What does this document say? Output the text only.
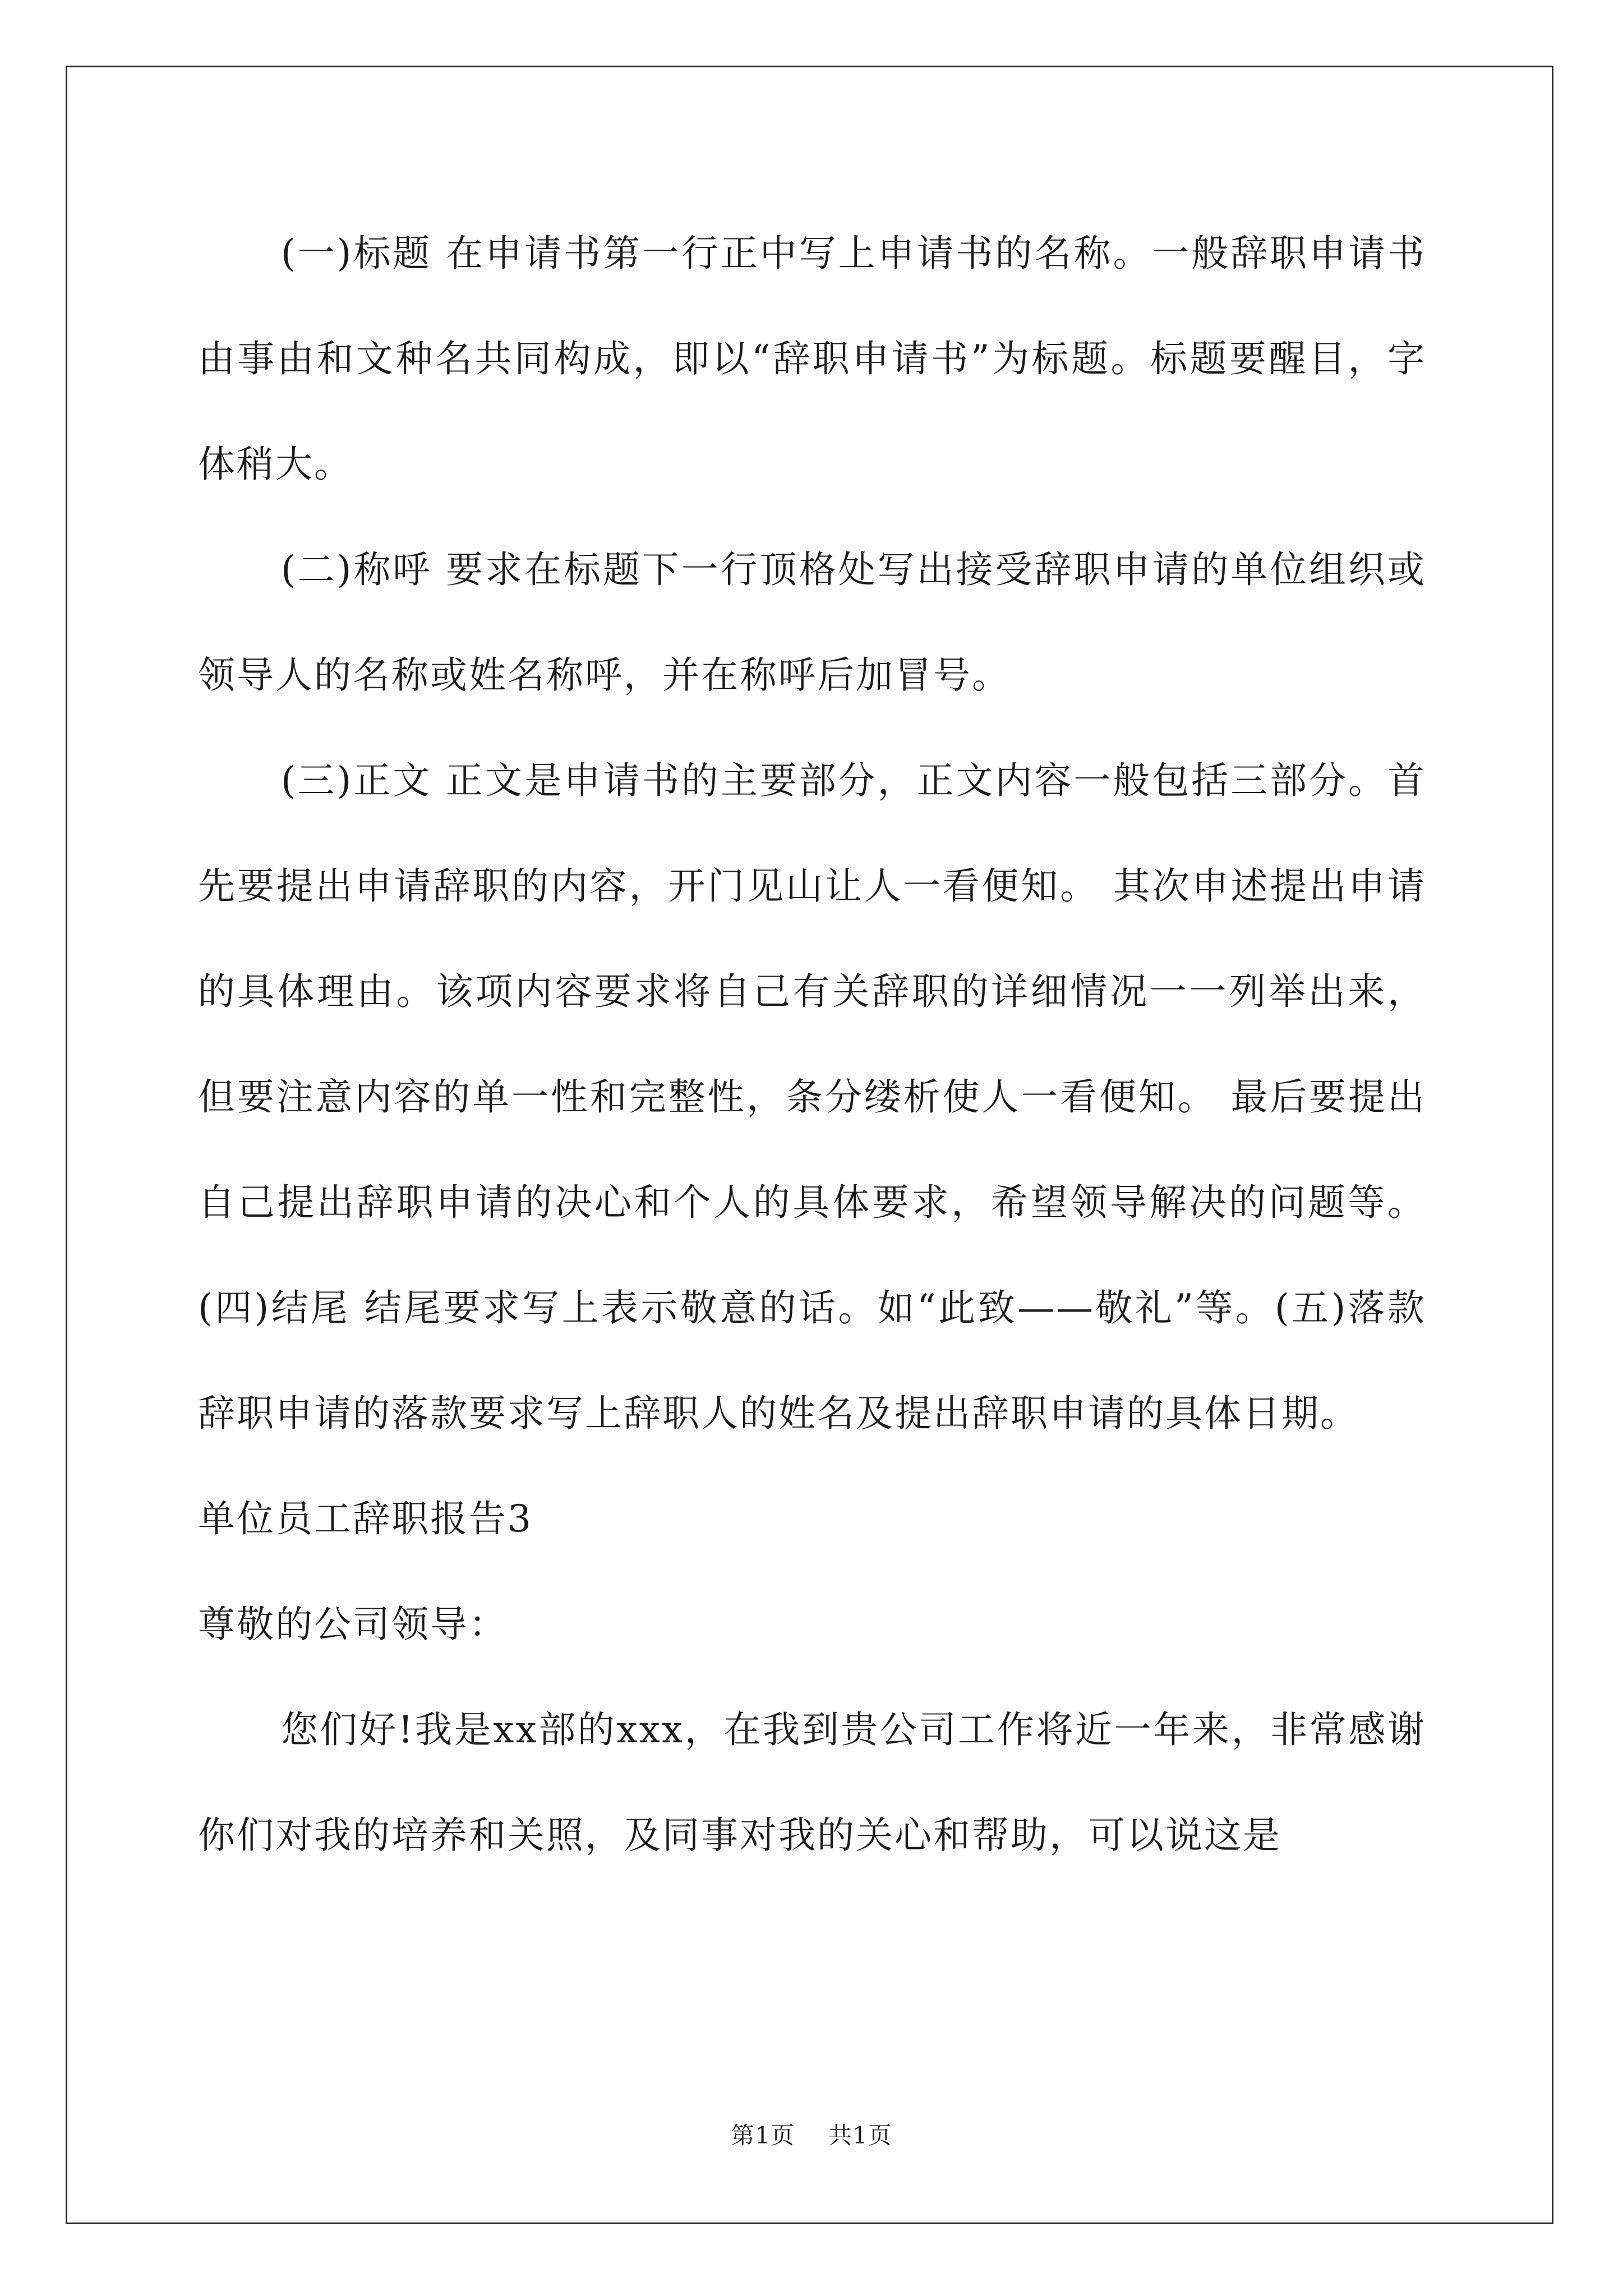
(一)标题 在申请书第一行正中写上申请书的名称。一般辞职申请书由事由和文种名共同构成，即以“辞职申请书”为标题。标题要醒目，字体稍大。

(二)称呼 要求在标题下一行顶格处写出接受辞职申请的单位组织或领导人的名称或姓名称呼，并在称呼后加冒号。

(三)正文 正文是申请书的主要部分，正文内容一般包括三部分。首先要提出申请辞职的内容，开门见山让人一看便知。 其次申述提出申请的具体理由。该项内容要求将自己有关辞职的详细情况一一列举出来，但要注意内容的单一性和完整性，条分缕析使人一看便知。 最后要提出自己提出辞职申请的决心和个人的具体要求，希望领导解决的问题等。(四)结尾 结尾要求写上表示敬意的话。如“此致——敬礼”等。(五)落款 辞职申请的落款要求写上辞职人的姓名及提出辞职申请的具体日期。

单位员工辞职报告3

尊敬的公司领导：

您们好!我是xx部的xxx，在我到贵公司工作将近一年来，非常感谢你们对我的培养和关照，及同事对我的关心和帮助，可以说这是

第1页 共1页
